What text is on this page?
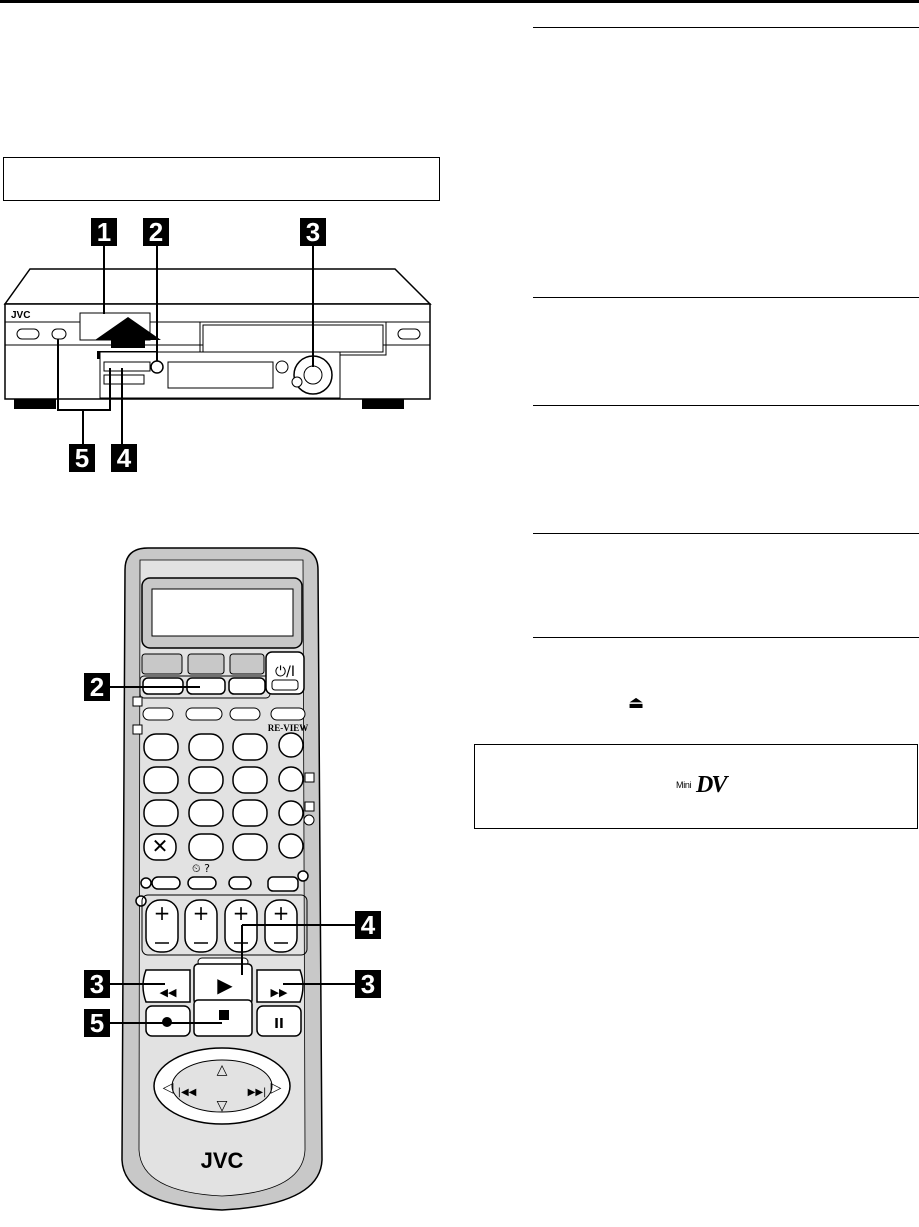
JVC
1 2	3
5 4
⏻/I
RE-VIEW
✕
⏲ ?
+ + + +
▶
◀◀	▶▶
II
△
▽
◁	▷
|◀◀	▶▶|
JVC
2
4
3	3
5
⏏
Mini DV
